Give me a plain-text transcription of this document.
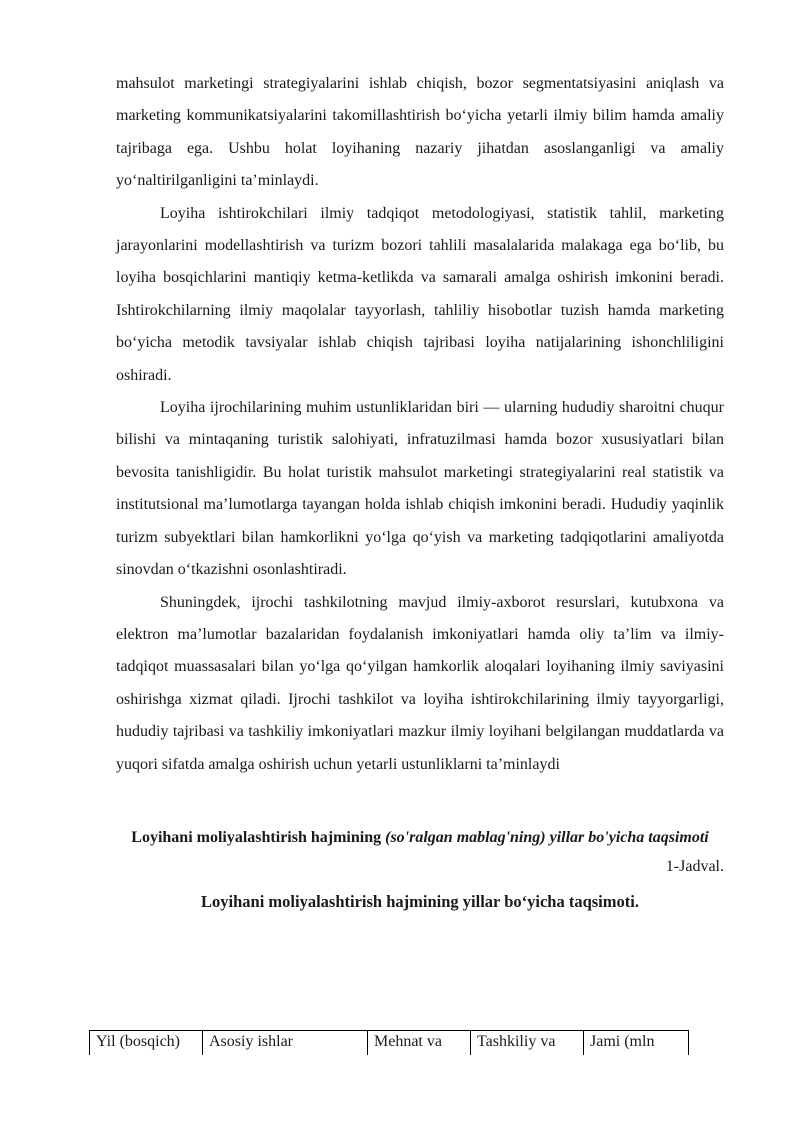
mahsulot marketingi strategiyalarini ishlab chiqish, bozor segmentatsiyasini aniqlash va marketing kommunikatsiyalarini takomillashtirish bo‘yicha yetarli ilmiy bilim hamda amaliy tajribaga ega. Ushbu holat loyihaning nazariy jihatdan asoslanganligi va amaliy yo‘naltirilganligini ta’minlaydi.

Loyiha ishtirokchilari ilmiy tadqiqot metodologiyasi, statistik tahlil, marketing jarayonlarini modellashtirish va turizm bozori tahlili masalalarida malakaga ega bo‘lib, bu loyiha bosqichlarini mantiqiy ketma-ketlikda va samarali amalga oshirish imkonini beradi. Ishtirokchilarning ilmiy maqolalar tayyorlash, tahliliy hisobotlar tuzish hamda marketing bo‘yicha metodik tavsiyalar ishlab chiqish tajribasi loyiha natijalarining ishonchliligini oshiradi.

Loyiha ijrochilarining muhim ustunliklaridan biri — ularning hududiy sharoitni chuqur bilishi va mintaqaning turistik salohiyati, infratuzilmasi hamda bozor xususiyatlari bilan bevosita tanishligidir. Bu holat turistik mahsulot marketingi strategiyalarini real statistik va institutsional ma’lumotlarga tayangan holda ishlab chiqish imkonini beradi. Hududiy yaqinlik turizm subyektlari bilan hamkorlikni yo‘lga qo‘yish va marketing tadqiqotlarini amaliyotda sinovdan o‘tkazishni osonlashtiradi.

Shuningdek, ijrochi tashkilotning mavjud ilmiy-axborot resurslari, kutubxona va elektron ma’lumotlar bazalaridan foydalanish imkoniyatlari hamda oliy ta’lim va ilmiy-tadqiqot muassasalari bilan yo‘lga qo‘yilgan hamkorlik aloqalari loyihaning ilmiy saviyasini oshirishga xizmat qiladi. Ijrochi tashkilot va loyiha ishtirokchilarining ilmiy tayyorgarligi, hududiy tajribasi va tashkiliy imkoniyatlari mazkur ilmiy loyihani belgilangan muddatlarda va yuqori sifatda amalga oshirish uchun yetarli ustunliklarni ta’minlaydi

Loyihani moliyalashtirish hajmining (so'ralgan mablag'ning) yillar bo'yicha taqsimoti
1-Jadval.
Loyihani moliyalashtirish hajmining yillar bo‘yicha taqsimoti.
Yil (bosqich)	Asosiy ishlar	Mehnat va	Tashkiliy va	Jami (mln
